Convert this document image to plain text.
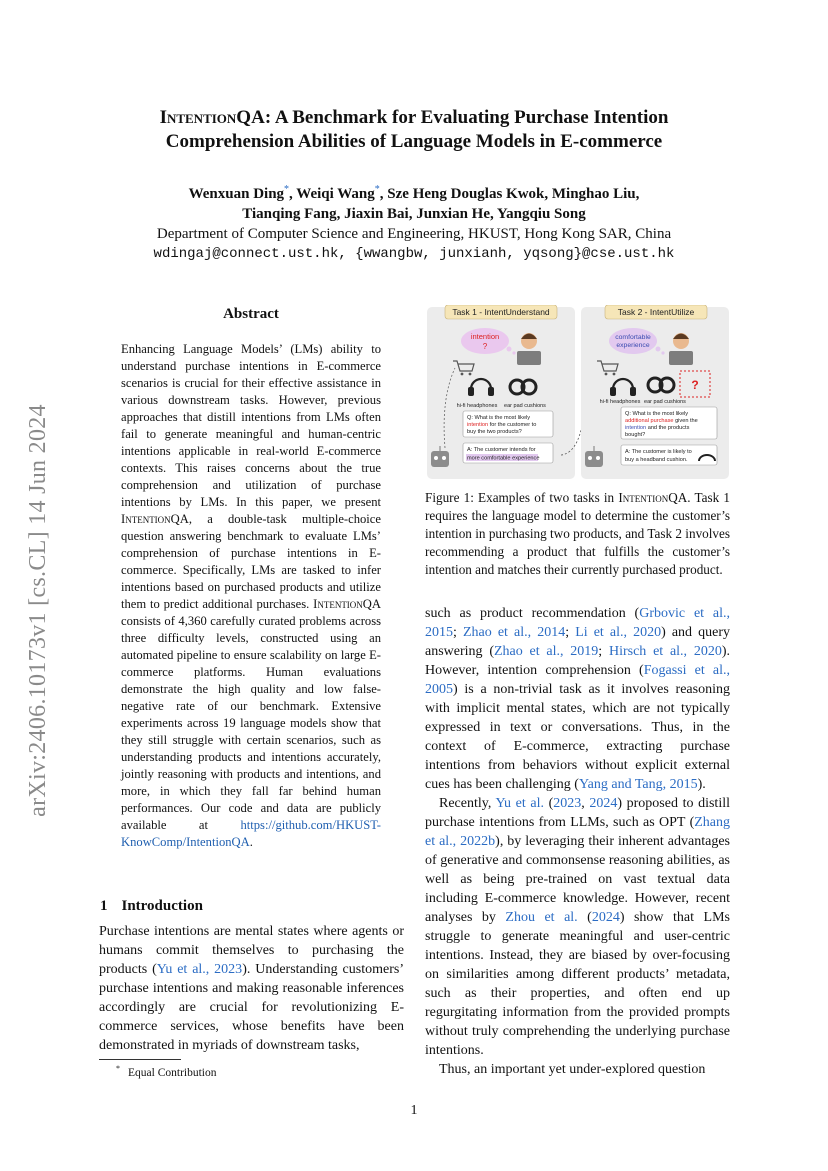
arXiv:2406.10173v1 [cs.CL] 14 Jun 2024
IntentionQA: A Benchmark for Evaluating Purchase Intention
Comprehension Abilities of Language Models in E-commerce
Wenxuan Ding*, Weiqi Wang*, Sze Heng Douglas Kwok, Minghao Liu,
Tianqing Fang, Jiaxin Bai, Junxian He, Yangqiu Song
Department of Computer Science and Engineering, HKUST, Hong Kong SAR, China
wdingaj@connect.ust.hk, {wwangbw, junxianh, yqsong}@cse.ust.hk
Abstract
Enhancing Language Models’ (LMs) ability to understand purchase intentions in E-commerce scenarios is crucial for their effective assistance in various downstream tasks. However, previous approaches that distill intentions from LMs often fail to generate meaningful and human-centric intentions applicable in real-world E-commerce contexts. This raises concerns about the true comprehension and utilization of purchase intentions by LMs. In this paper, we present IntentionQA, a double-task multiple-choice question answering benchmark to evaluate LMs’ comprehension of purchase intentions in E-commerce. Specifically, LMs are tasked to infer intentions based on purchased products and utilize them to predict additional purchases. IntentionQA consists of 4,360 carefully curated problems across three difficulty levels, constructed using an automated pipeline to ensure scalability on large E-commerce platforms. Human evaluations demonstrate the high quality and low false-negative rate of our benchmark. Extensive experiments across 19 language models show that they still struggle with certain scenarios, such as understanding products and intentions accurately, jointly reasoning with products and intentions, and more, in which they fall far behind human performances. Our code and data are publicly available at https://github.com/HKUST-KnowComp/IntentionQA.
1 Introduction
Purchase intentions are mental states where agents or humans commit themselves to purchasing the products (Yu et al., 2023). Understanding customers’ purchase intentions and making reasonable inferences accordingly are crucial for revolutionizing E-commerce services, whose benefits have been demonstrated in myriads of downstream tasks,
* Equal Contribution
Task 1 - IntentUnderstand
intention
?
hi-fi headphones ear pad cushions
Q: What is the most likely
intention for the customer to
buy the two products?
A: The customer intends for
more comfortable experience
Task 2 - IntentUtilize
comfortable
experience
?
hi-fi headphones ear pad cushions
Q: What is the most likely
additional purchase given the
intention and the products
bought?
A: The customer is likely to
buy a headband cushion.
Figure 1: Examples of two tasks in IntentionQA. Task 1 requires the language model to determine the customer’s intention in purchasing two products, and Task 2 involves recommending a product that fulfills the customer’s intention and matches their currently purchased product.

such as product recommendation (Grbovic et al., 2015; Zhao et al., 2014; Li et al., 2020) and query answering (Zhao et al., 2019; Hirsch et al., 2020). However, intention comprehension (Fogassi et al., 2005) is a non-trivial task as it involves reasoning with implicit mental states, which are not typically expressed in text or conversations. Thus, in the context of E-commerce, extracting purchase intentions from behaviors without explicit external cues has been challenging (Yang and Tang, 2015).

Recently, Yu et al. (2023, 2024) proposed to distill purchase intentions from LLMs, such as OPT (Zhang et al., 2022b), by leveraging their inherent advantages of generative and commonsense reasoning abilities, as well as being pre-trained on vast textual data including E-commerce knowledge. However, recent analyses by Zhou et al. (2024) show that LMs struggle to generate meaningful and user-centric intentions. Instead, they are biased by over-focusing on similarities among different products’ metadata, such as their properties, and often end up regurgitating information from the provided prompts without truly comprehending the underlying purchase intentions.

Thus, an important yet under-explored question

1
